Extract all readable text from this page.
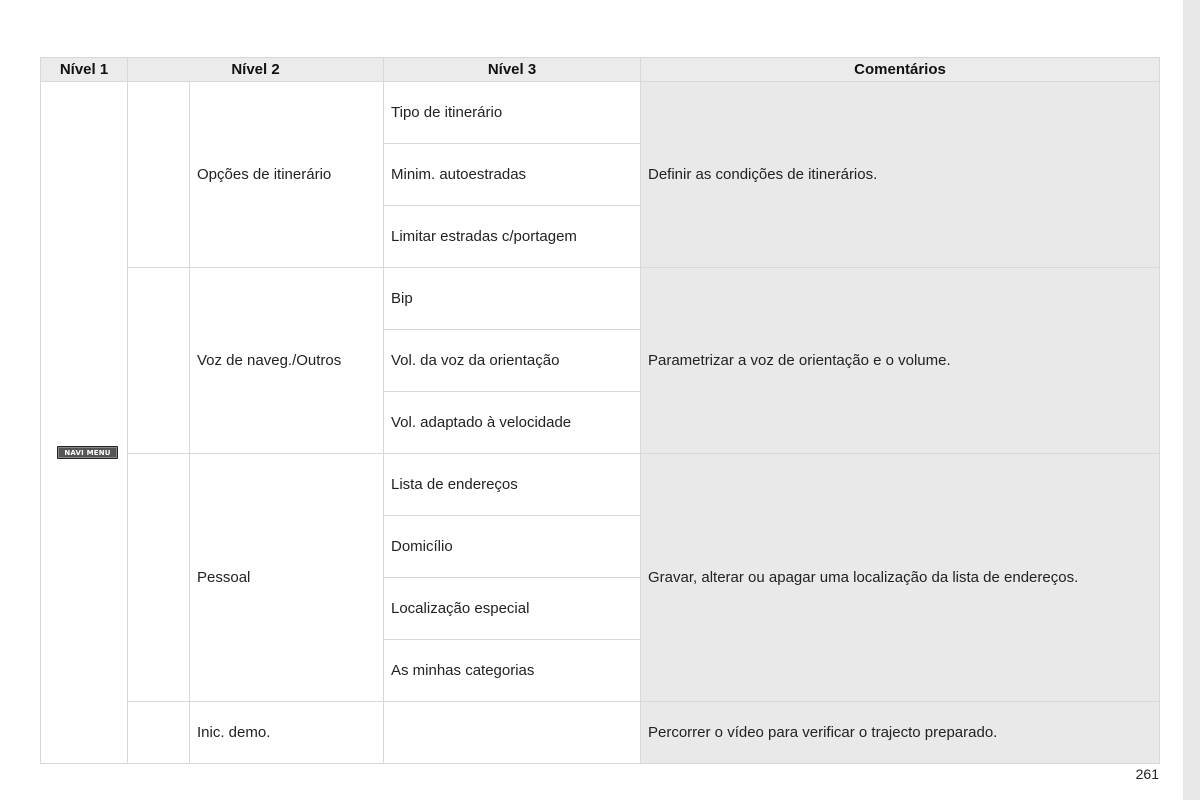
Nível 1	Nível 2		Nível 3	Comentários
NAVI MENU		Opções de itinerário	Tipo de itinerário	Definir as condições de itinerários.
			Minim. autoestradas	
			Limitar estradas c/portagem	
		Voz de naveg./Outros	Bip	Parametrizar a voz de orientação e o volume.
			Vol. da voz da orientação	
			Vol. adaptado à velocidade	
		Pessoal	Lista de endereços	Gravar, alterar ou apagar uma localização da lista de endereços.
			Domicílio	
			Localização especial	
			As minhas categorias	
		Inic. demo.		Percorrer o vídeo para verificar o trajecto preparado.
261
